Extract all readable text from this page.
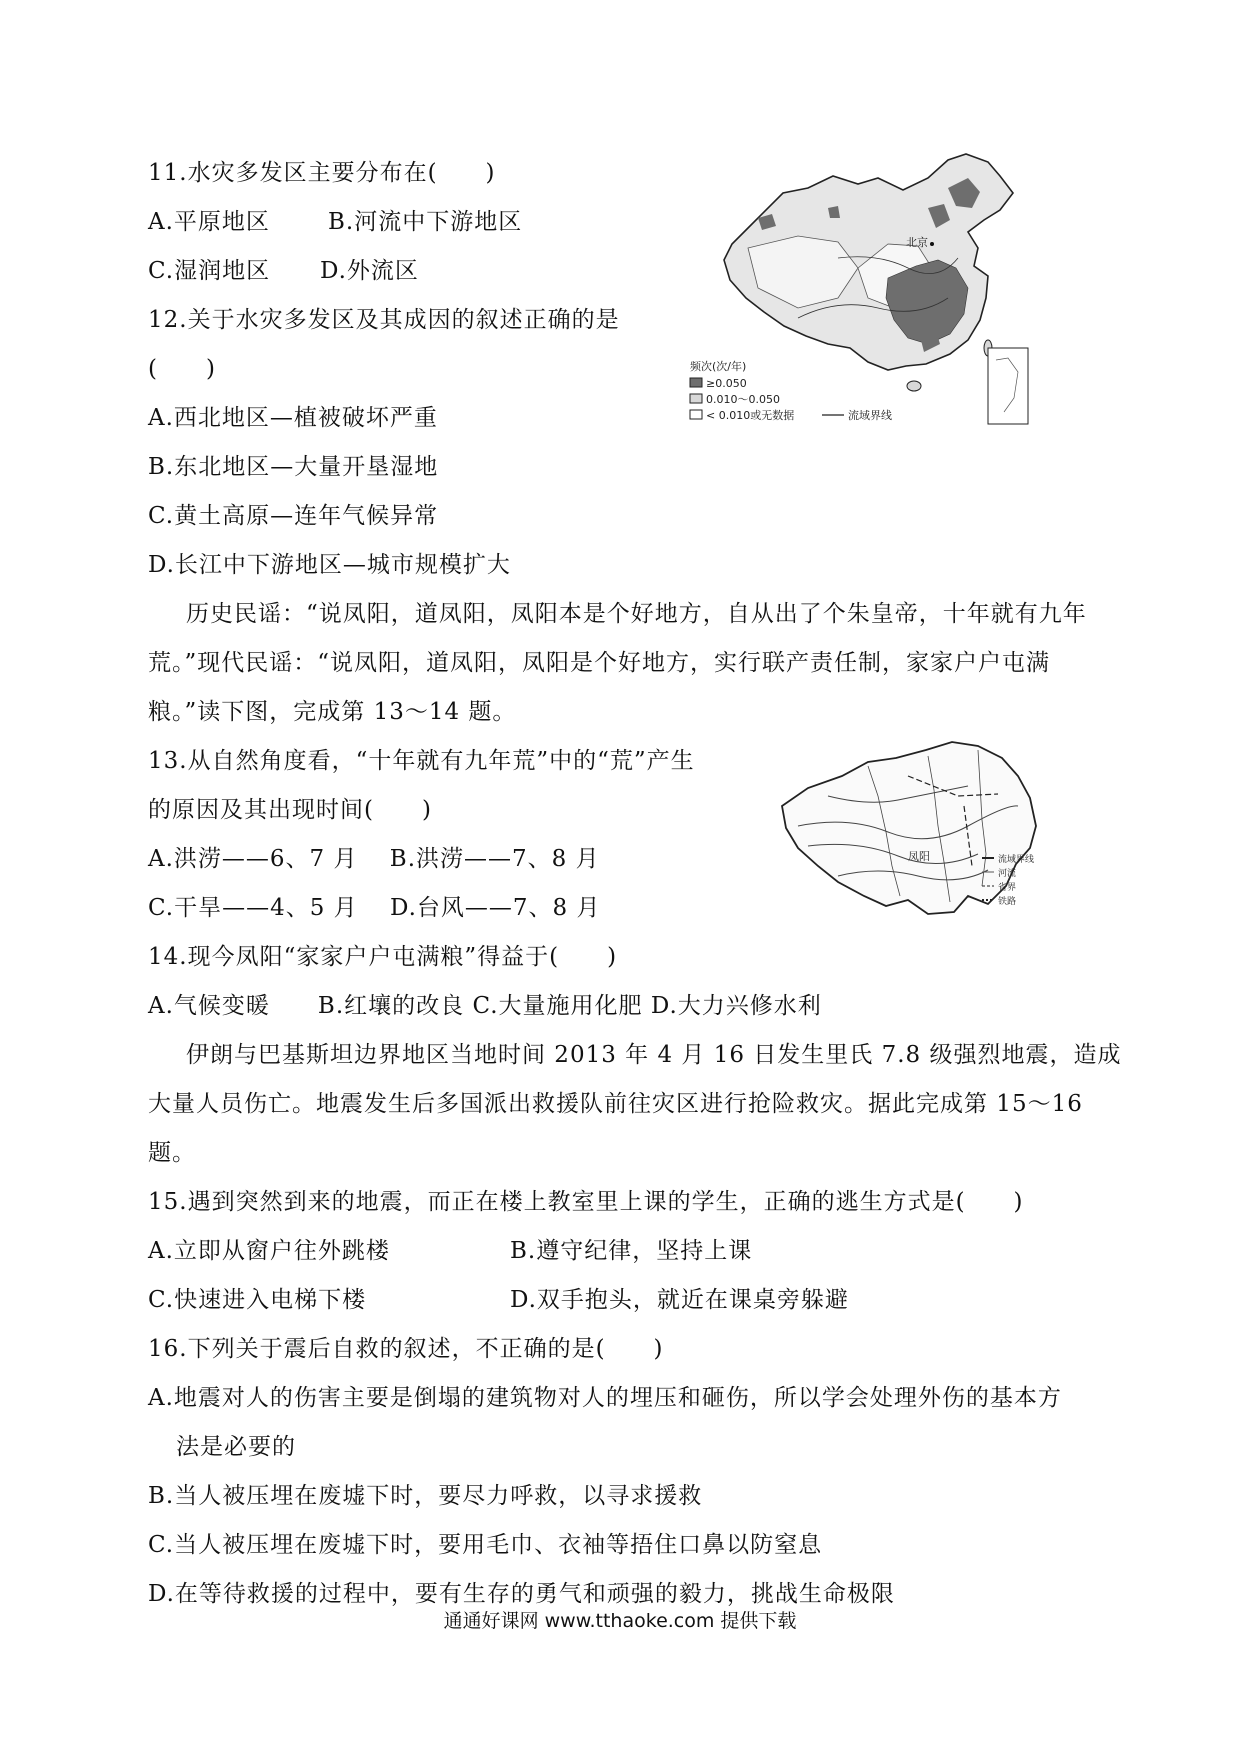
11.水灾多发区主要分布在(　　)
A.平原地区	B.河流中下游地区
C.湿润地区 D.外流区
12.关于水灾多发区及其成因的叙述正确的是
(　　)
A.西北地区—植被破坏严重
B.东北地区—大量开垦湿地
C.黄土高原—连年气候异常
D.长江中下游地区—城市规模扩大
北京
频次(次/年)
≥0.050
0.010～0.050
< 0.010或无数据	流域界线
历史民谣：“说凤阳，道凤阳，凤阳本是个好地方，自从出了个朱皇帝，十年就有九年
荒。”现代民谣：“说凤阳，道凤阳，凤阳是个好地方，实行联产责任制，家家户户屯满
粮。”读下图，完成第 13～14 题。
13.从自然角度看，“十年就有九年荒”中的“荒”产生
的原因及其出现时间(　　)
A.洪涝——6、7 月　 B.洪涝——7、8 月
C.干旱——4、5 月　 D.台风——7、8 月
凤阳	流域界线
河流
省界
铁路
14.现今凤阳“家家户户屯满粮”得益于(　　)
A.气候变暖　　B.红壤的改良 C.大量施用化肥 D.大力兴修水利
伊朗与巴基斯坦边界地区当地时间 2013 年 4 月 16 日发生里氏 7.8 级强烈地震，造成
大量人员伤亡。地震发生后多国派出救援队前往灾区进行抢险救灾。据此完成第 15～16
题。
15.遇到突然到来的地震，而正在楼上教室里上课的学生，正确的逃生方式是(　　)
A.立即从窗户往外跳楼	B.遵守纪律，坚持上课
C.快速进入电梯下楼	D.双手抱头，就近在课桌旁躲避
16.下列关于震后自救的叙述，不正确的是(　　)
A.地震对人的伤害主要是倒塌的建筑物对人的埋压和砸伤，所以学会处理外伤的基本方
法是必要的
B.当人被压埋在废墟下时，要尽力呼救，以寻求援救
C.当人被压埋在废墟下时，要用毛巾、衣袖等捂住口鼻以防窒息
D.在等待救援的过程中，要有生存的勇气和顽强的毅力，挑战生命极限
通通好课网 www.tthaoke.com 提供下载
